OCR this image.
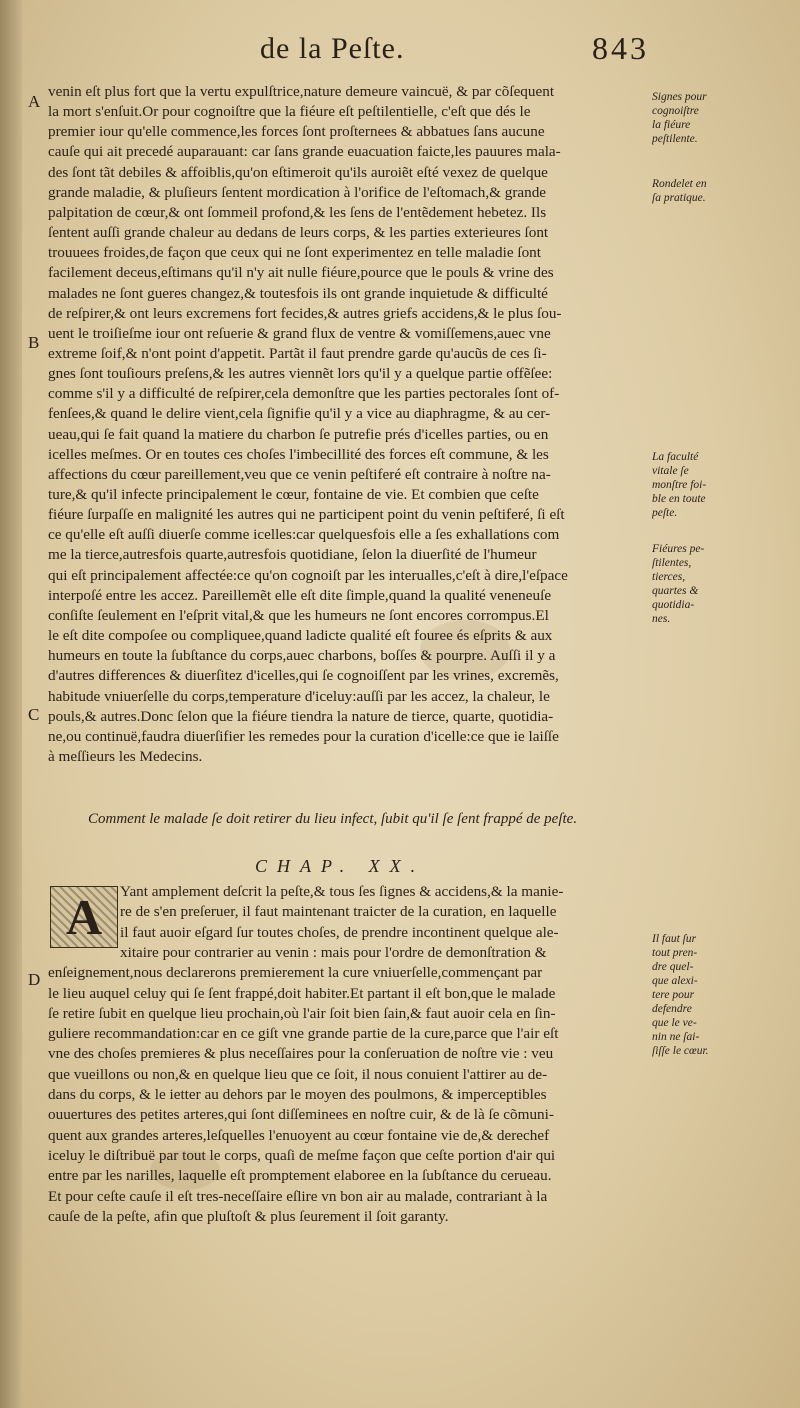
de la Peſte.	843
venin eſt plus fort que la vertu expulſtrice,nature demeure vaincuë, & par cõſequent
la mort s'enſuit.Or pour cognoiſtre que la fiéure eſt peſtilentielle, c'eſt que dés le
premier iour qu'elle commence,les forces ſont proſternees & abbatues ſans aucune
cauſe qui ait precedé auparauant: car ſans grande euacuation faicte,les pauures mala-
des ſont tãt debiles & affoiblis,qu'on eſtimeroit qu'ils auroiẽt eſté vexez de quelque
grande maladie, & pluſieurs ſentent mordication à l'orifice de l'eſtomach,& grande
palpitation de cœur,& ont ſommeil profond,& les ſens de l'entẽdement hebetez. Ils
ſentent auſſi grande chaleur au dedans de leurs corps, & les parties exterieures ſont
trouuees froides,de façon que ceux qui ne ſont experimentez en telle maladie ſont
facilement deceus,eſtimans qu'il n'y ait nulle fiéure,pource que le pouls & vrine des
malades ne ſont gueres changez,& toutesfois ils ont grande inquietude & difficulté
de reſpirer,& ont leurs excremens fort fecides,& autres griefs accidens,& le plus ſou-
uent le troiſieſme iour ont reſuerie & grand flux de ventre & vomiſſemens,auec vne
extreme ſoif,& n'ont point d'appetit. Partãt il faut prendre garde qu'aucũs de ces ſi-
gnes ſont touſiours preſens,& les autres viennẽt lors qu'il y a quelque partie offẽſee:
comme s'il y a difficulté de reſpirer,cela demonſtre que les parties pectorales ſont of-
fenſees,& quand le delire vient,cela ſignifie qu'il y a vice au diaphragme, & au cer-
ueau,qui ſe fait quand la matiere du charbon ſe putrefie prés d'icelles parties, ou en
icelles meſmes. Or en toutes ces choſes l'imbecillité des forces eſt commune, & les
affections du cœur pareillement,veu que ce venin peſtiferé eſt contraire à noſtre na-
ture,& qu'il infecte principalement le cœur, fontaine de vie. Et combien que ceſte
fiéure ſurpaſſe en malignité les autres qui ne participent point du venin peſtiferé, ſi eſt
ce qu'elle eſt auſſi diuerſe comme icelles:car quelquesfois elle a ſes exhallations com
me la tierce,autresfois quarte,autresfois quotidiane, ſelon la diuerſité de l'humeur
qui eſt principalement affectée:ce qu'on cognoiſt par les interualles,c'eſt à dire,l'eſpace
interpoſé entre les accez. Pareillemẽt elle eſt dite ſimple,quand la qualité veneneuſe
conſiſte ſeulement en l'eſprit vital,& que les humeurs ne ſont encores corrompus.El
le eſt dite compoſee ou compliquee,quand ladicte qualité eſt fouree és eſprits & aux
humeurs en toute la ſubſtance du corps,auec charbons, boſſes & pourpre. Auſſi il y a
d'autres differences & diuerſitez d'icelles,qui ſe cognoiſſent par les vrines, excremẽs,
habitude vniuerſelle du corps,temperature d'iceluy:auſſi par les accez, la chaleur, le
pouls,& autres.Donc ſelon que la fiéure tiendra la nature de tierce, quarte, quotidia-
ne,ou continuë,faudra diuerſifier les remedes pour la curation d'icelle:ce que ie laiſſe
à meſſieurs les Medecins.
A
B
C
D
Signes pour
cognoiſtre
la fiéure
peſtilente.
Rondelet en
ſa pratique.
La faculté
vitale ſe
monſtre foi-
ble en toute
peſte.
Fiéures pe-
ſtilentes,
tierces,
quartes &
quotidia-
nes.
Il faut ſur
tout pren-
dre quel-
que alexi-
tere pour
defendre
que le ve-
nin ne ſai-
ſiſſe le cœur.
Comment le malade ſe doit retirer du lieu infect, ſubit qu'il ſe ſent frappé de peſte.
CHAP. XX.
A	Yant amplement deſcrit la peſte,& tous ſes ſignes & accidens,& la manie-
re de s'en preſeruer, il faut maintenant traicter de la curation, en laquelle
il faut auoir eſgard ſur toutes choſes, de prendre incontinent quelque ale-
xitaire pour contrarier au venin : mais pour l'ordre de demonſtration &
enſeignement,nous declarerons premierement la cure vniuerſelle,commençant par
le lieu auquel celuy qui ſe ſent frappé,doit habiter.Et partant il eſt bon,que le malade
ſe retire ſubit en quelque lieu prochain,où l'air ſoit bien ſain,& faut auoir cela en ſin-
guliere recommandation:car en ce giſt vne grande partie de la cure,parce que l'air eſt
vne des choſes premieres & plus neceſſaires pour la conſeruation de noſtre vie : veu
que vueillons ou non,& en quelque lieu que ce ſoit, il nous conuient l'attirer au de-
dans du corps, & le ietter au dehors par le moyen des poulmons, & imperceptibles
ouuertures des petites arteres,qui ſont diſſeminees en noſtre cuir, & de là ſe cõmuni-
quent aux grandes arteres,leſquelles l'enuoyent au cœur fontaine vie de,& derechef
iceluy le diſtribuë par tout le corps, quaſi de meſme façon que ceſte portion d'air qui
entre par les narilles, laquelle eſt promptement elaboree en la ſubſtance du cerueau.
Et pour ceſte cauſe il eſt tres-neceſſaire eſlire vn bon air au malade, contrariant à la
cauſe de la peſte, afin que pluſtoſt & plus ſeurement il ſoit garanty.
